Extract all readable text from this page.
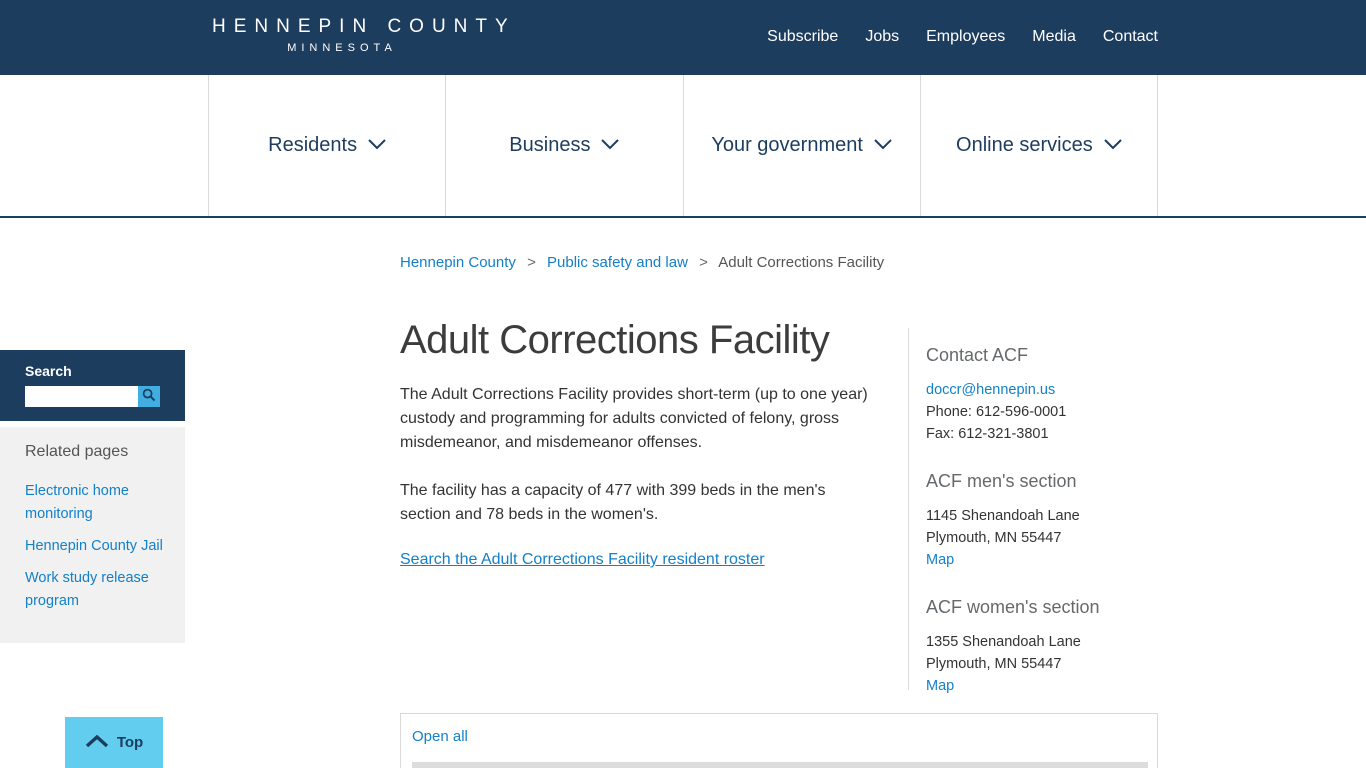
HENNEPIN COUNTY
MINNESOTA
Subscribe Jobs Employees Media Contact
Residents	Business	Your government	Online services
Hennepin County > Public safety and law > Adult Corrections Facility
Search
Related pages
Electronic home monitoring
Hennepin County Jail
Work study release program
Adult Corrections Facility

The Adult Corrections Facility provides short-term (up to one year) custody and programming for adults convicted of felony, gross misdemeanor, and misdemeanor offenses.

The facility has a capacity of 477 with 399 beds in the men's section and 78 beds in the women's.

Search the Adult Corrections Facility resident roster
Contact ACF
doccr@hennepin.us
Phone: 612-596-0001
Fax: 612-321-3801
ACF men's section
1145 Shenandoah Lane
Plymouth, MN 55447
Map
ACF women's section
1355 Shenandoah Lane
Plymouth, MN 55447
Map
Open all
Top
